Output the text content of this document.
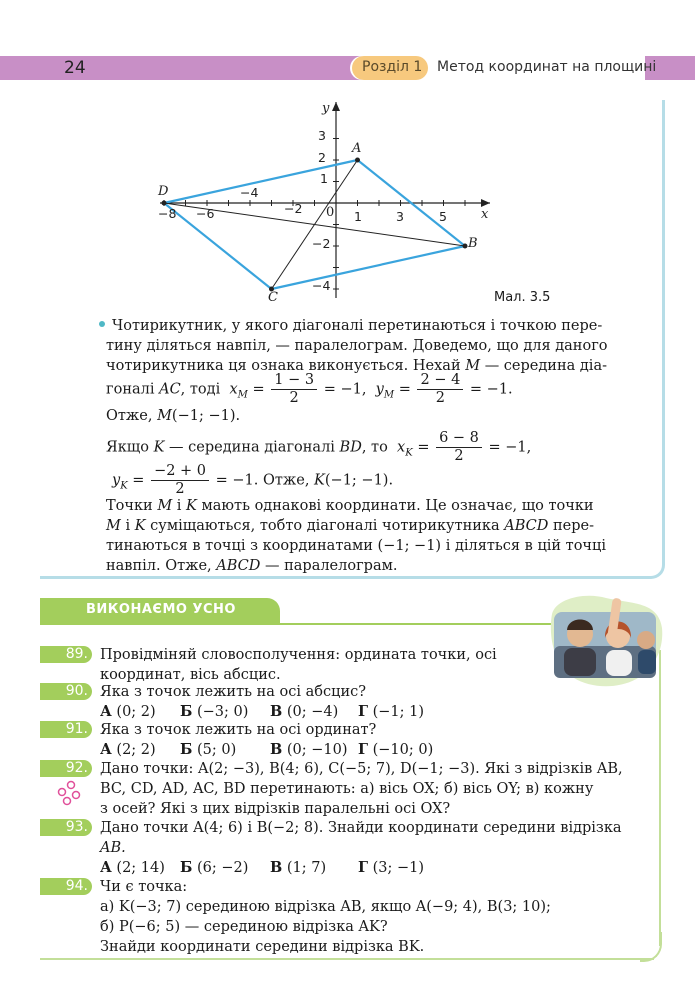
24	Розділ 1 Метод координат на площині
A
B
C
D
x
y
0
−8 −6
−4
−2
1	3	5
3
2
1
−2
−4
Мал. 3.5
Чотирикутник, у якого діагоналі перетинаються і точкою пере-
тину діляться навпіл, — паралелограм. Доведемо, що для даного
чотирикутника ця ознака виконується. Нехай M — середина діа-
гоналі AC, тоді $x_M = \frac{1 - 3}{2} = -1$, $y_M = \frac{2 - 4}{2} = -1$.
Отже, M(−1; −1).
Якщо K — середина діагоналі BD, то $x_K = \frac{6 - 8}{2} = -1$,
$y_K = \frac{-2 + 0}{2} = -1$. Отже, K(−1; −1).
Точки M і K мають однакові координати. Це означає, що точки
M і K суміщаються, тобто діагоналі чотирикутника ABCD пере-
тинаються в точці з координатами (−1; −1) і діляться в цій точці
навпіл. Отже, ABCD — паралелограм.
ВИКОНАЄМО УСНО
89. Провідміняй словосполучення: ордината точки, осі
координат, вісь абсцис.
90. Яка з точок лежить на осі абсцис?
А (0; 2) Б (−3; 0) В (0; −4) Г (−1; 1)
91. Яка з точок лежить на осі ординат?
А (2; 2) Б (5; 0) В (0; −10) Г (−10; 0)
92. Дано точки: A(2; −3), B(4; 6), C(−5; 7), D(−1; −3). Які з відрізків AB,
BC, CD, AD, AC, BD перетинають: а) вісь OX; б) вісь OY; в) кожну
з осей? Які з цих відрізків паралельні осі OX?
93. Дано точки A(4; 6) і B(−2; 8). Знайди координати середини відрізка
AB.
А (2; 14) Б (6; −2) В (1; 7) Г (3; −1)
94. Чи є точка:
а) K(−3; 7) серединою відрізка AB, якщо A(−9; 4), B(3; 10);
б) P(−6; 5) — серединою відрізка AK?
Знайди координати середини відрізка BK.
